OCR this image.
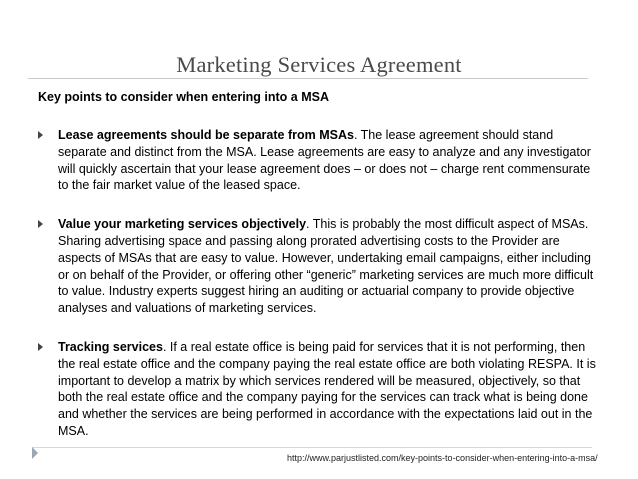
Marketing Services Agreement
Key points to consider when entering into a MSA
Lease agreements should be separate from MSAs. The lease agreement should stand separate and distinct from the MSA. Lease agreements are easy to analyze and any investigator will quickly ascertain that your lease agreement does – or does not – charge rent commensurate to the fair market value of the leased space.
Value your marketing services objectively. This is probably the most difficult aspect of MSAs. Sharing advertising space and passing along prorated advertising costs to the Provider are aspects of MSAs that are easy to value. However, undertaking email campaigns, either including or on behalf of the Provider, or offering other “generic” marketing services are much more difficult to value. Industry experts suggest hiring an auditing or actuarial company to provide objective analyses and valuations of marketing services.
Tracking services. If a real estate office is being paid for services that it is not performing, then the real estate office and the company paying the real estate office are both violating RESPA. It is important to develop a matrix by which services rendered will be measured, objectively, so that both the real estate office and the company paying for the services can track what is being done and whether the services are being performed in accordance with the expectations laid out in the MSA.
http://www.parjustlisted.com/key-points-to-consider-when-entering-into-a-msa/
